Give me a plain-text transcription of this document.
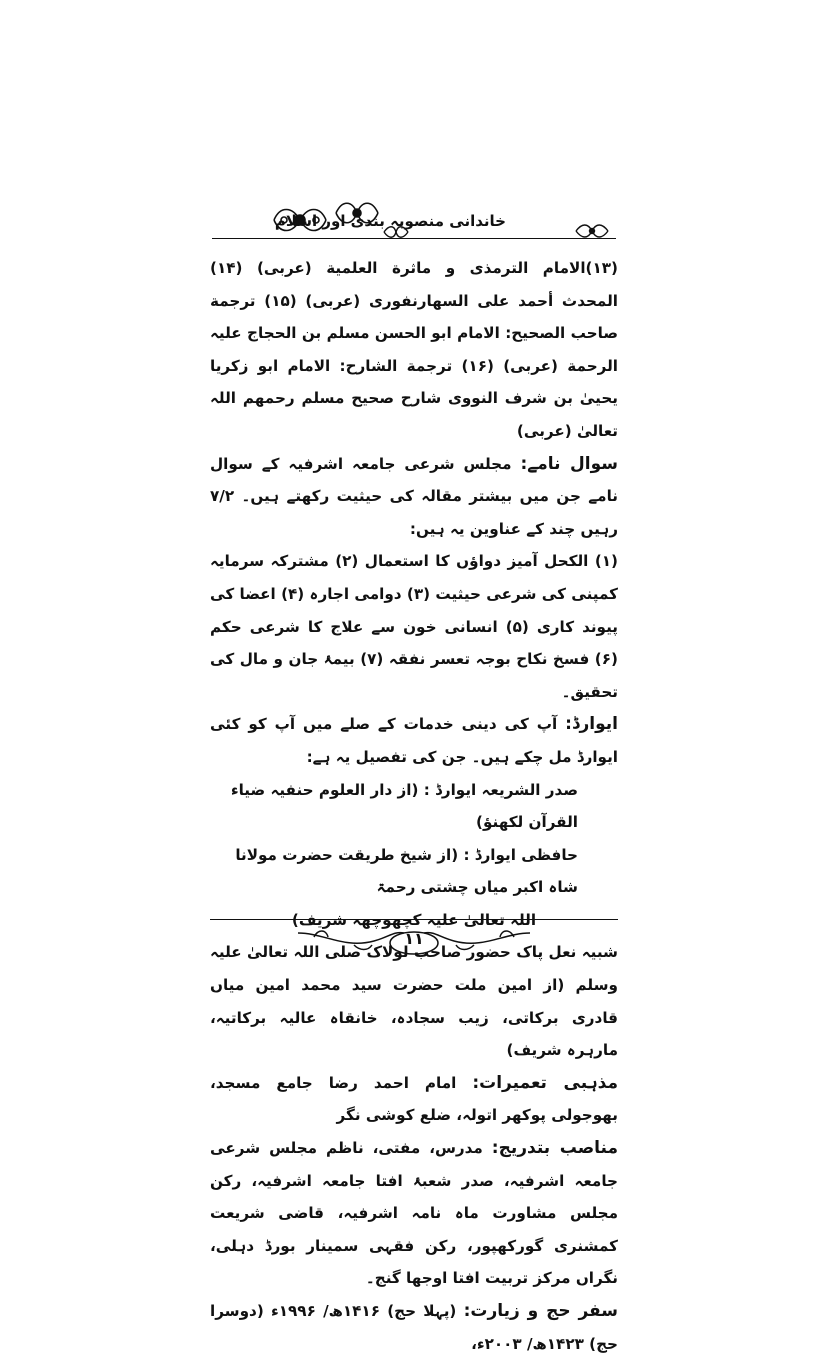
خاندانی منصوبہ بندی اور اسلام

(۱۳)الامام الترمذی و ماثرة العلمية (عربی) (۱۴) المحدث أحمد علی السهارنفوری (عربی) (۱۵) ترجمة صاحب الصحیح: الامام ابو الحسن مسلم بن الحجاج علیہ الرحمة (عربی) (۱۶) ترجمة الشارح: الامام ابو زکریا یحییٰ بن شرف النووی شارح صحیح مسلم رحمهم اللہ تعالیٰ (عربی)

سوال نامے: مجلس شرعی جامعہ اشرفیہ کے سوال نامے جن میں بیشتر مقالہ کی حیثیت رکھتے ہیں۔ ۷/۲ رہیں چند کے عناوین یہ ہیں:

(۱) الکحل آمیز دواؤں کا استعمال (۲) مشترکہ سرمایہ کمپنی کی شرعی حیثیت (۳) دوامی اجارہ (۴) اعضا کی پیوند کاری (۵) انسانی خون سے علاج کا شرعی حکم (۶) فسخ نکاح بوجہ تعسر نفقہ (۷) بیمۂ جان و مال کی تحقیق۔

ایوارڈ: آپ کی دینی خدمات کے صلے میں آپ کو کئی ایوارڈ مل چکے ہیں۔ جن کی تفصیل یہ ہے:

صدر الشریعہ ایوارڈ : (از دار العلوم حنفیہ ضیاء القرآن لکھنؤ)

حافظی ایوارڈ : (از شیخ طریقت حضرت مولانا شاہ اکبر میاں چشتی رحمۃ

اللہ تعالیٰ علیہ کچھوچھہ شریف)

شبیہ نعل پاک حضور صاحب لولاک صلی اللہ تعالیٰ علیہ وسلم (از امین ملت حضرت سید محمد امین میاں قادری برکاتی، زیب سجادہ، خانقاہ عالیہ برکاتیہ، مارہرہ شریف)

مذہبی تعمیرات: امام احمد رضا جامع مسجد، بھوجولی پوکھر اتولہ، ضلع کوشی نگر

مناصب بتدریج: مدرس، مفتی، ناظم مجلس شرعی جامعہ اشرفیہ، صدر شعبۂ افتا جامعہ اشرفیہ، رکن مجلس مشاورت ماہ نامہ اشرفیہ، قاضی شریعت کمشنری گورکھپور، رکن فقہی سمینار بورڈ دہلی، نگراں مرکز تربیت افتا اوجھا گنج۔

سفر حج و زیارت: (پہلا حج) ۱۴۱۶ھ/ ۱۹۹۶ء (دوسرا حج) ۱۴۲۳ھ/ ۲۰۰۳ء،

۱۱
